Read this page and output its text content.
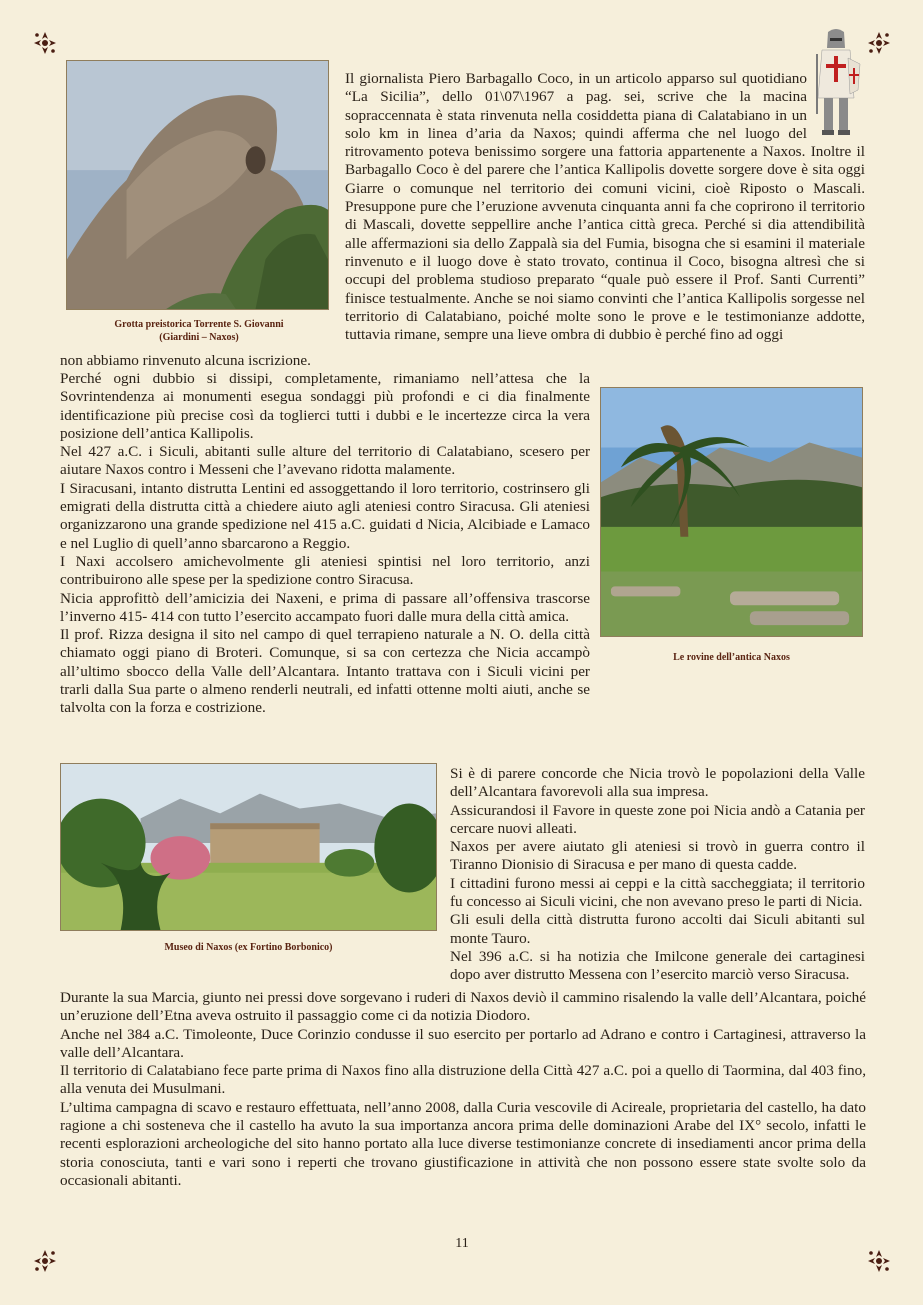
Grotta preistorica Torrente S. Giovanni
(Giardini – Naxos)

Il giornalista Piero Barbagallo Coco, in un articolo apparso sul quotidiano “La Sicilia”, dello 01\07\1967 a pag. sei, scrive che la macina sopraccennata è stata rinvenuta nella cosiddetta piana di Calatabiano in un solo km in linea d’aria da Naxos; quindi afferma che nel luogo del ritrovamento poteva benissimo sorgere una fattoria appartenente a Naxos. Inoltre il Barbagallo Coco è del parere che l’antica Kallipolis dovette sorgere dove è sita oggi Giarre o comunque nel territorio dei comuni vicini, cioè Riposto o Mascali. Presuppone pure che l’eruzione avvenuta cinquanta anni fa che coprirono il territorio di Mascali, dovette seppellire anche l’antica città greca. Perché si dia attendibilità alle affermazioni sia dello Zappalà sia del Fumia, bisogna che si esamini il materiale rinvenuto e il luogo dove è stato trovato, continua il Coco, bisogna altresì che si occupi del problema studioso preparato “quale può essere il Prof. Santi Currenti” finisce testualmente. Anche se noi siamo convinti che l’antica Kallipolis sorgesse nel territorio di Calatabiano, poiché molte sono le prove e le testimonianze addotte, tuttavia rimane, sempre una lieve ombra di dubbio è perché fino ad oggi

non abbiamo rinvenuto alcuna iscrizione.

Le rovine dell’antica Naxos

Perché ogni dubbio si dissipi, completamente, rimaniamo nell’attesa che la Sovrintendenza ai monumenti esegua sondaggi più profondi e ci dia finalmente identificazione più precise così da toglierci tutti i dubbi e le incertezze circa la vera posizione dell’antica Kallipolis.

Nel 427 a.C. i Siculi, abitanti sulle alture del territorio di Calatabiano, scesero per aiutare Naxos contro i Messeni che l’avevano ridotta malamente.

I Siracusani, intanto distrutta Lentini ed assoggettando il loro territorio, costrinsero gli emigrati della distrutta città a chiedere aiuto agli ateniesi contro Siracusa. Gli ateniesi organizzarono una grande spedizione nel 415 a.C. guidati d Nicia, Alcibiade e Lamaco e nel Luglio di quell’anno sbarcarono a Reggio.

I Naxi accolsero amichevolmente gli ateniesi spintisi nel loro territorio, anzi contribuirono alle spese per la spedizione contro Siracusa.

Nicia approfittò dell’amicizia dei Naxeni, e prima di passare all’offensiva trascorse l’inverno 415- 414 con tutto l’esercito accampato fuori dalle mura della città amica.

Il prof. Rizza designa il sito nel campo di quel terrapieno naturale a N. O. della città chiamato oggi piano di Broteri. Comunque, si sa con certezza che Nicia accampò all’ultimo sbocco della Valle dell’Alcantara. Intanto trattava con i Siculi vicini per trarli dalla Sua parte o almeno renderli neutrali, ed infatti ottenne molti aiuti, anche se talvolta con la forza e costrizione.

Museo di Naxos (ex Fortino Borbonico)

Si è di parere concorde che Nicia trovò le popolazioni della Valle dell’Alcantara favorevoli alla sua impresa.

Assicurandosi il Favore in queste zone poi Nicia andò a Catania per cercare nuovi alleati.

Naxos per avere aiutato gli ateniesi si trovò in guerra contro il Tiranno Dionisio di Siracusa e per mano di questa cadde.

I cittadini furono messi ai ceppi e la città saccheggiata; il territorio fu concesso ai Siculi vicini, che non avevano preso le parti di Nicia.

Gli esuli della città distrutta furono accolti dai Siculi abitanti sul monte Tauro.

Nel 396 a.C. si ha notizia che Imilcone generale dei cartaginesi dopo aver distrutto Messena con l’esercito marciò verso Siracusa.

Durante la sua Marcia, giunto nei pressi dove sorgevano i ruderi di Naxos deviò il cammino risalendo la valle dell’Alcantara, poiché un’eruzione dell’Etna aveva ostruito il passaggio come ci da notizia Diodoro.

Anche nel 384 a.C. Timoleonte, Duce Corinzio condusse il suo esercito per portarlo ad Adrano e contro i Cartaginesi, attraverso la valle dell’Alcantara.

Il territorio di Calatabiano fece parte prima di Naxos fino alla distruzione della Città 427 a.C. poi a quello di Taormina, dal 403 fino, alla venuta dei Musulmani.

L’ultima campagna di scavo e restauro effettuata, nell’anno 2008, dalla Curia vescovile di Acireale, proprietaria del castello, ha dato ragione a chi sosteneva che il castello ha avuto la sua importanza ancora prima delle dominazioni Arabe del IX° secolo, infatti le recenti esplorazioni archeologiche del sito hanno portato alla luce diverse testimonianze concrete di insediamenti ancor prima della storia conosciuta, tanti e vari sono i reperti che trovano giustificazione in attività che non possono essere state svolte solo da occasionali abitanti.

11
